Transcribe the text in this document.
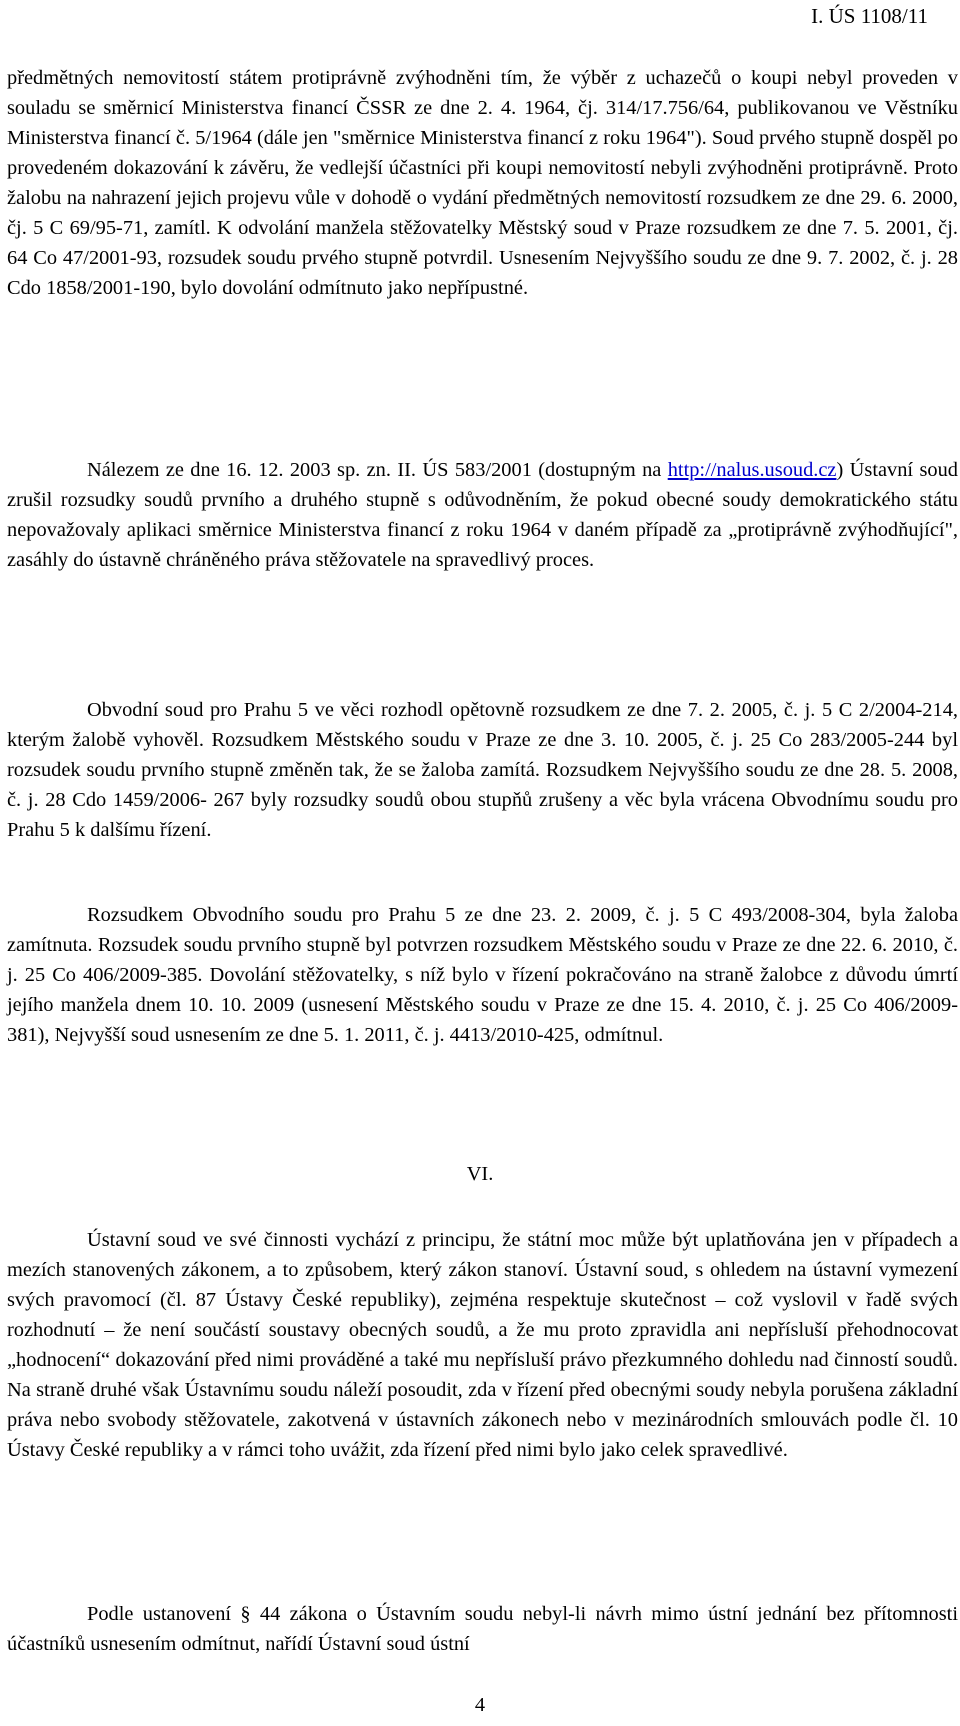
I. ÚS 1108/11

předmětných nemovitostí státem protiprávně zvýhodněni tím, že výběr z uchazečů o koupi nebyl proveden v souladu se směrnicí Ministerstva financí ČSSR ze dne 2. 4. 1964, čj. 314/17.756/64, publikovanou ve Věstníku Ministerstva financí č. 5/1964 (dále jen "směrnice Ministerstva financí z roku 1964"). Soud prvého stupně dospěl po provedeném dokazování k závěru, že vedlejší účastníci při koupi nemovitostí nebyli zvýhodněni protiprávně. Proto žalobu na nahrazení jejich projevu vůle v dohodě o vydání předmětných nemovitostí rozsudkem ze dne 29. 6. 2000, čj. 5 C 69/95-71, zamítl. K odvolání manžela stěžovatelky Městský soud v Praze rozsudkem ze dne 7. 5. 2001, čj. 64 Co 47/2001-93, rozsudek soudu prvého stupně potvrdil. Usnesením Nejvyššího soudu ze dne 9. 7. 2002, č. j. 28 Cdo 1858/2001-190, bylo dovolání odmítnuto jako nepřípustné.

Nálezem ze dne 16. 12. 2003 sp. zn. II. ÚS 583/2001 (dostupným na http://nalus.usoud.cz) Ústavní soud zrušil rozsudky soudů prvního a druhého stupně s odůvodněním, že pokud obecné soudy demokratického státu nepovažovaly aplikaci směrnice Ministerstva financí z roku 1964 v daném případě za „protiprávně zvýhodňující", zasáhly do ústavně chráněného práva stěžovatele na spravedlivý proces.

Obvodní soud pro Prahu 5 ve věci rozhodl opětovně rozsudkem ze dne 7. 2. 2005, č. j. 5 C 2/2004-214, kterým žalobě vyhověl. Rozsudkem Městského soudu v Praze ze dne 3. 10. 2005, č. j. 25 Co 283/2005-244 byl rozsudek soudu prvního stupně změněn tak, že se žaloba zamítá. Rozsudkem Nejvyššího soudu ze dne 28. 5. 2008, č. j. 28 Cdo 1459/2006- 267 byly rozsudky soudů obou stupňů zrušeny a věc byla vrácena Obvodnímu soudu pro Prahu 5 k dalšímu řízení.

Rozsudkem Obvodního soudu pro Prahu 5 ze dne 23. 2. 2009, č. j. 5 C 493/2008-304, byla žaloba zamítnuta. Rozsudek soudu prvního stupně byl potvrzen rozsudkem Městského soudu v Praze ze dne 22. 6. 2010, č. j. 25 Co 406/2009-385. Dovolání stěžovatelky, s níž bylo v řízení pokračováno na straně žalobce z důvodu úmrtí jejího manžela dnem 10. 10. 2009 (usnesení Městského soudu v Praze ze dne 15. 4. 2010, č. j. 25 Co 406/2009-381), Nejvyšší soud usnesením ze dne 5. 1. 2011, č. j. 4413/2010-425, odmítnul.

VI.

Ústavní soud ve své činnosti vychází z principu, že státní moc může být uplatňována jen v případech a mezích stanovených zákonem, a to způsobem, který zákon stanoví. Ústavní soud, s ohledem na ústavní vymezení svých pravomocí (čl. 87 Ústavy České republiky), zejména respektuje skutečnost – což vyslovil v řadě svých rozhodnutí – že není součástí soustavy obecných soudů, a že mu proto zpravidla ani nepřísluší přehodnocovat „hodnocení“ dokazování před nimi prováděné a také mu nepřísluší právo přezkumného dohledu nad činností soudů. Na straně druhé však Ústavnímu soudu náleží posoudit, zda v řízení před obecnými soudy nebyla porušena základní práva nebo svobody stěžovatele, zakotvená v ústavních zákonech nebo v mezinárodních smlouvách podle čl. 10 Ústavy České republiky a v rámci toho uvážit, zda řízení před nimi bylo jako celek spravedlivé.

Podle ustanovení § 44 zákona o Ústavním soudu nebyl-li návrh mimo ústní jednání bez přítomnosti účastníků usnesením odmítnut, nařídí Ústavní soud ústní

4
